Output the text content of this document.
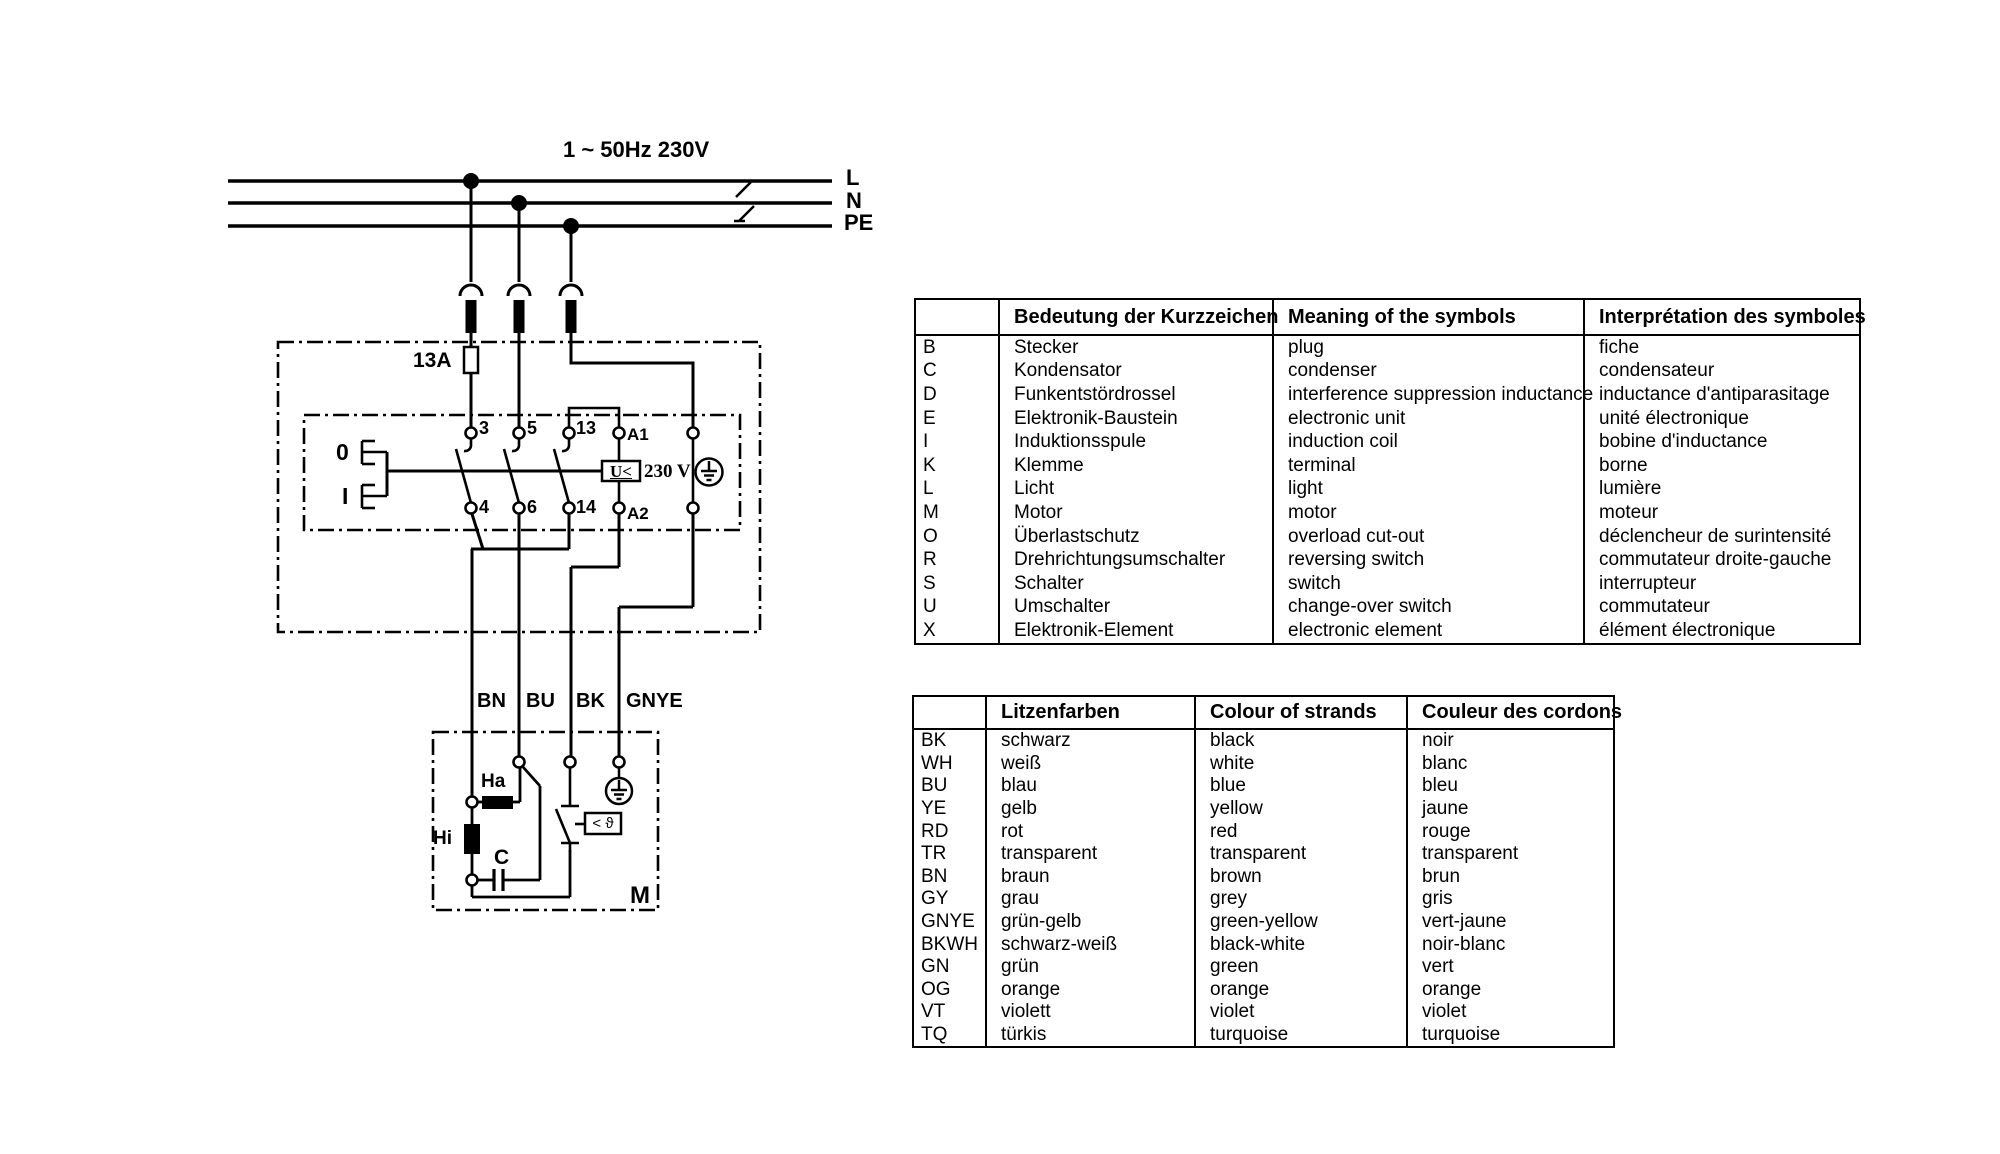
1 ~ 50Hz 230V
L
N
PE
13A
0
I
3 5 13 A1
4 6 14 A2
U< 230 V
BN BU BK GNYE
Ha
Hi
C
< ϑ
M
	Bedeutung der Kurzzeichen	Meaning of the symbols	Interprétation des symboles
B	Stecker	plug	fiche
C	Kondensator	condenser	condensateur
D	Funkentstördrossel	interference suppression inductance	inductance d'antiparasitage
E	Elektronik-Baustein	electronic unit	unité électronique
I	Induktionsspule	induction coil	bobine d'inductance
K	Klemme	terminal	borne
L	Licht	light	lumière
M	Motor	motor	moteur
O	Überlastschutz	overload cut-out	déclencheur de surintensité
R	Drehrichtungsumschalter	reversing switch	commutateur droite-gauche
S	Schalter	switch	interrupteur
U	Umschalter	change-over switch	commutateur
X	Elektronik-Element	electronic element	élément électronique
	Litzenfarben	Colour of strands	Couleur des cordons
BK	schwarz	black	noir
WH	weiß	white	blanc
BU	blau	blue	bleu
YE	gelb	yellow	jaune
RD	rot	red	rouge
TR	transparent	transparent	transparent
BN	braun	brown	brun
GY	grau	grey	gris
GNYE	grün-gelb	green-yellow	vert-jaune
BKWH	schwarz-weiß	black-white	noir-blanc
GN	grün	green	vert
OG	orange	orange	orange
VT	violett	violet	violet
TQ	türkis	turquoise	turquoise
